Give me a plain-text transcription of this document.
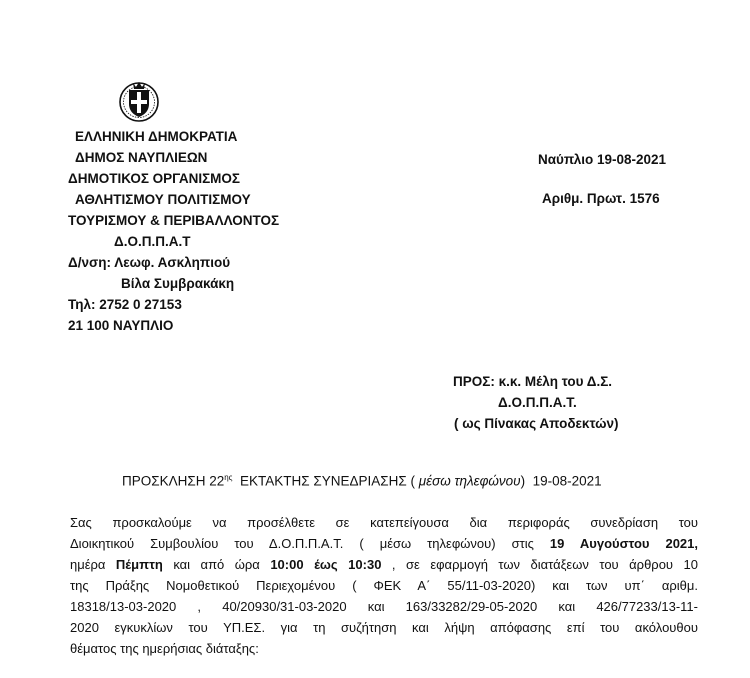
ΕΛΛΗΝΙΚΗ ΔΗΜΟΚΡΑΤΙΑ
ΔΗΜΟΣ ΝΑΥΠΛΙΕΩΝ
ΔΗΜΟΤΙΚΟΣ ΟΡΓΑΝΙΣΜΟΣ
ΑΘΛΗΤΙΣΜΟΥ ΠΟΛΙΤΙΣΜΟΥ
ΤΟΥΡΙΣΜΟΥ & ΠΕΡΙΒΑΛΛΟΝΤΟΣ
Δ.Ο.Π.Π.Α.Τ
Δ/νση: Λεωφ. Ασκληπιού
Βίλα Συμβρακάκη
Τηλ: 2752 0 27153
21 100 ΝΑΥΠΛΙΟ
Ναύπλιο 19-08-2021
Αριθμ. Πρωτ. 1576
ΠΡΟΣ: κ.κ. Μέλη του Δ.Σ.
Δ.Ο.Π.Π.Α.Τ.
( ως Πίνακας Αποδεκτών)
ΠΡΟΣΚΛΗΣΗ $22^{\eta\varsigma}$  ΕΚΤΑΚΤΗΣ ΣΥΝΕΔΡΙΑΣΗΣ ( μέσω τηλεφώνου)  19-08-2021
Σας προσκαλούμε να προσέλθετε σε κατεπείγουσα δια περιφοράς συνεδρίαση του
Διοικητικού Συμβουλίου του Δ.Ο.Π.Π.Α.Τ. ( μέσω τηλεφώνου) στις 19 Αυγούστου 2021,
ημέρα Πέμπτη και από ώρα 10:00 έως 10:30 , σε εφαρμογή των διατάξεων του άρθρου 10
της Πράξης Νομοθετικού Περιεχομένου ( ΦΕΚ Α΄ 55/11-03-2020) και των υπ΄ αριθμ.
18318/13-03-2020 , 40/20930/31-03-2020 και 163/33282/29-05-2020 και 426/77233/13-11-
2020 εγκυκλίων του ΥΠ.ΕΣ. για τη συζήτηση και λήψη απόφασης επί του ακόλουθου
θέματος της ημερήσιας διάταξης:
